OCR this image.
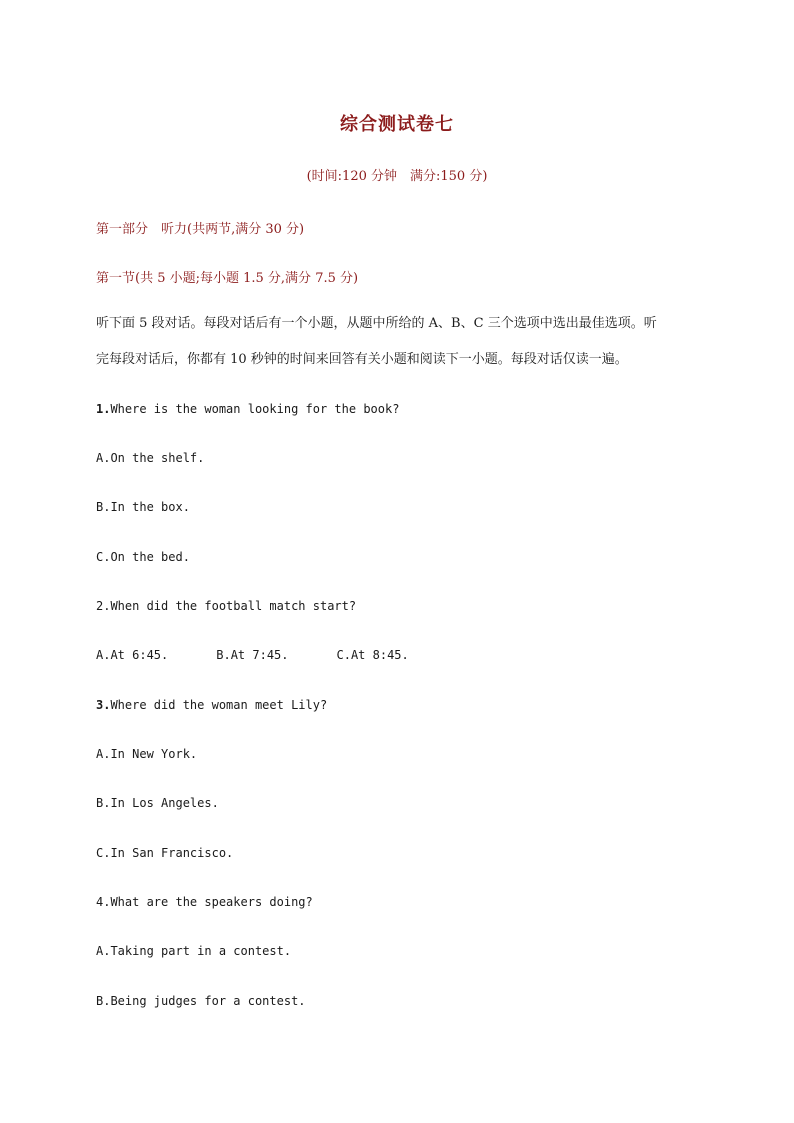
综合测试卷七
(时间:120 分钟　满分:150 分)
第一部分　听力(共两节,满分 30 分)
第一节(共 5 小题;每小题 1.5 分,满分 7.5 分)
听下面 5 段对话。每段对话后有一个小题，从题中所给的 A、B、C 三个选项中选出最佳选项。听
完每段对话后，你都有 10 秒钟的时间来回答有关小题和阅读下一小题。每段对话仅读一遍。
1.Where is the woman looking for the book?
A.On the shelf.
B.In the box.
C.On the bed.
2.When did the football match start?
A.At 6:45.	B.At 7:45.	C.At 8:45.
3.Where did the woman meet Lily?
A.In New York.
B.In Los Angeles.
C.In San Francisco.
4.What are the speakers doing?
A.Taking part in a contest.
B.Being judges for a contest.
